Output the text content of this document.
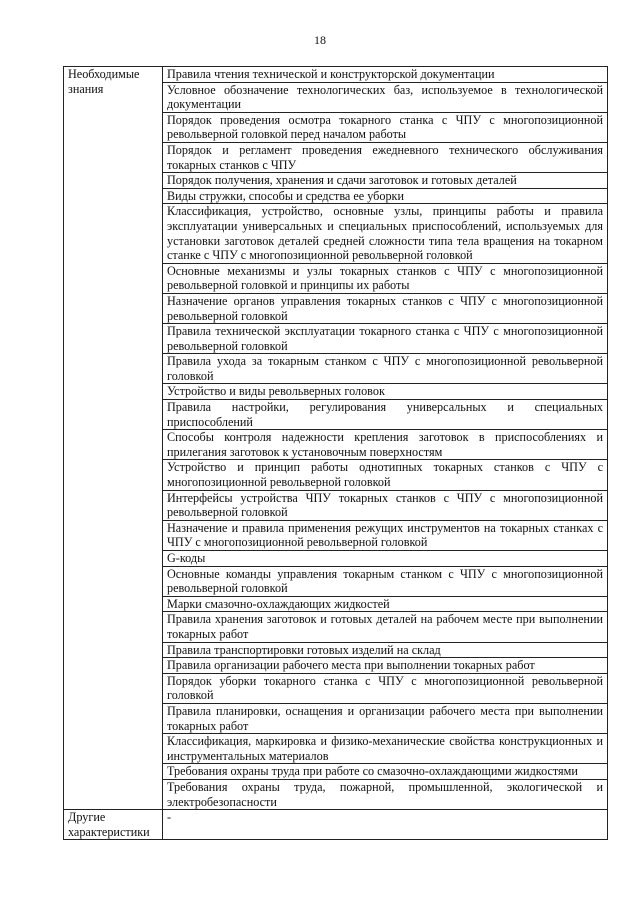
18
Необходимые знания	Правила чтения технической и конструкторской документации
	Условное обозначение технологических баз, используемое в технологической документации
	Порядок проведения осмотра токарного станка с ЧПУ с многопозиционной револьверной головкой перед началом работы
	Порядок и регламент проведения ежедневного технического обслуживания токарных станков с ЧПУ
	Порядок получения, хранения и сдачи заготовок и готовых деталей
	Виды стружки, способы и средства ее уборки
	Классификация, устройство, основные узлы, принципы работы и правила эксплуатации универсальных и специальных приспособлений, используемых для установки заготовок деталей средней сложности типа тела вращения на токарном станке с ЧПУ с многопозиционной револьверной головкой
	Основные механизмы и узлы токарных станков с ЧПУ с многопозиционной револьверной головкой и принципы их работы
	Назначение органов управления токарных станков с ЧПУ с многопозиционной револьверной головкой
	Правила технической эксплуатации токарного станка с ЧПУ с многопозиционной револьверной головкой
	Правила ухода за токарным станком с ЧПУ с многопозиционной револьверной головкой
	Устройство и виды револьверных головок
	Правила настройки, регулирования универсальных и специальных приспособлений
	Способы контроля надежности крепления заготовок в приспособлениях и прилегания заготовок к установочным поверхностям
	Устройство и принцип работы однотипных токарных станков с ЧПУ с многопозиционной револьверной головкой
	Интерфейсы устройства ЧПУ токарных станков с ЧПУ с многопозиционной револьверной головкой
	Назначение и правила применения режущих инструментов на токарных станках с ЧПУ с многопозиционной револьверной головкой
	G-коды
	Основные команды управления токарным станком с ЧПУ с многопозиционной револьверной головкой
	Марки смазочно-охлаждающих жидкостей
	Правила хранения заготовок и готовых деталей на рабочем месте при выполнении токарных работ
	Правила транспортировки готовых изделий на склад
	Правила организации рабочего места при выполнении токарных работ
	Порядок уборки токарного станка с ЧПУ с многопозиционной револьверной головкой
	Правила планировки, оснащения и организации рабочего места при выполнении токарных работ
	Классификация, маркировка и физико-механические свойства конструкционных и инструментальных материалов
	Требования охраны труда при работе со смазочно-охлаждающими жидкостями
	Требования охраны труда, пожарной, промышленной, экологической и электробезопасности
Другие характеристики	-
